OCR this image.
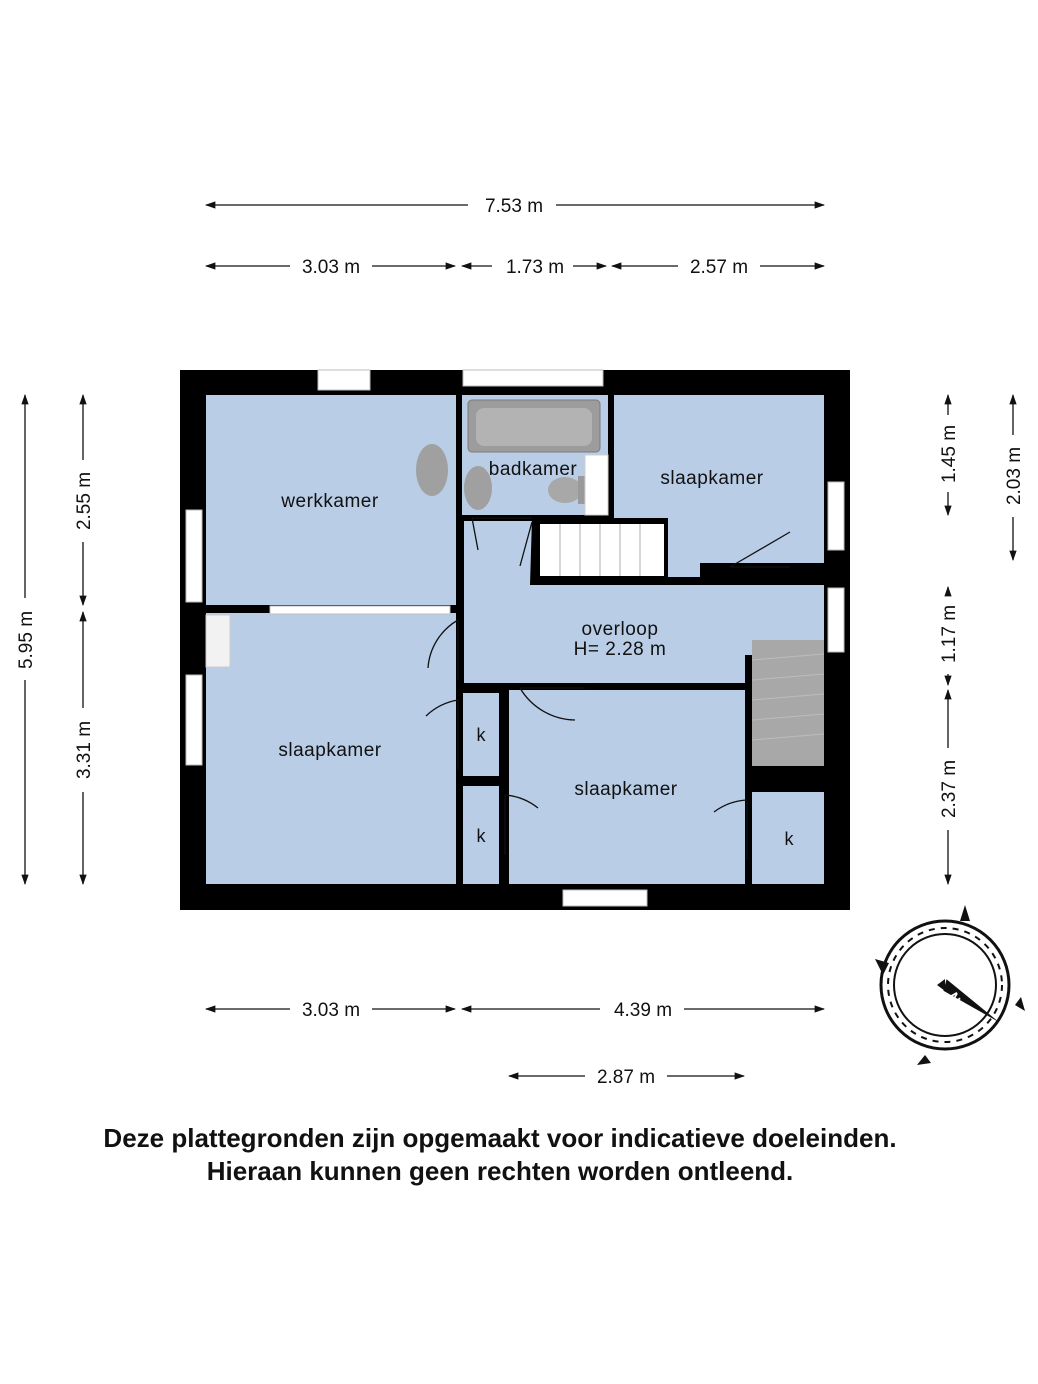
werkkamer
badkamer	slaapkamer
overloop
H= 2.28 m
slaapkamer
slaapkamer
k
k	k
7.53 m
3.03 m	1.73 m	2.57 m
3.03 m	4.39 m
2.87 m
5.95 m
2.55 m
3.31 m
1.45 m 2.03 m
1.17 m
2.37 m
N
Deze plattegronden zijn opgemaakt voor indicatieve doeleinden.
Hieraan kunnen geen rechten worden ontleend.
